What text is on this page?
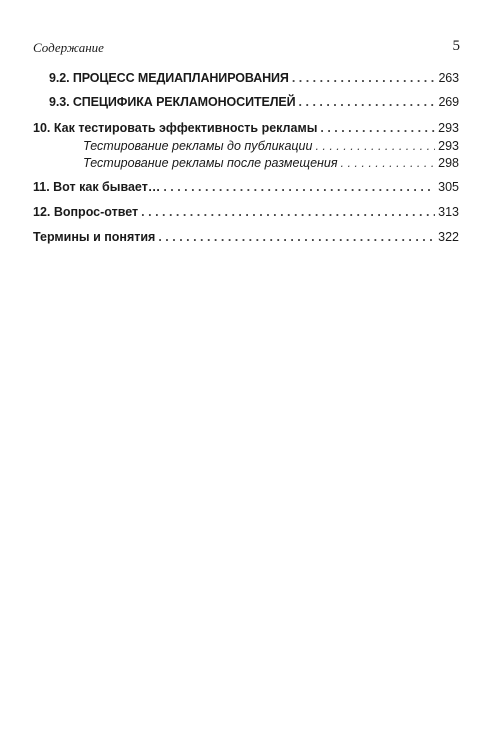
Содержание	5
9.2. ПРОЦЕСС МЕДИАПЛАНИРОВАНИЯ . . .	263
9.3. СПЕЦИФИКА РЕКЛАМОНОСИТЕЛЕЙ . . .	269
10. Как тестировать эффективность рекламы . . .	293
Тестирование рекламы до публикации . . .	293
Тестирование рекламы после размещения . . .	298
11. Вот как бывает… . . .	305
12. Вопрос-ответ . . .	313
Термины и понятия . . .	322
